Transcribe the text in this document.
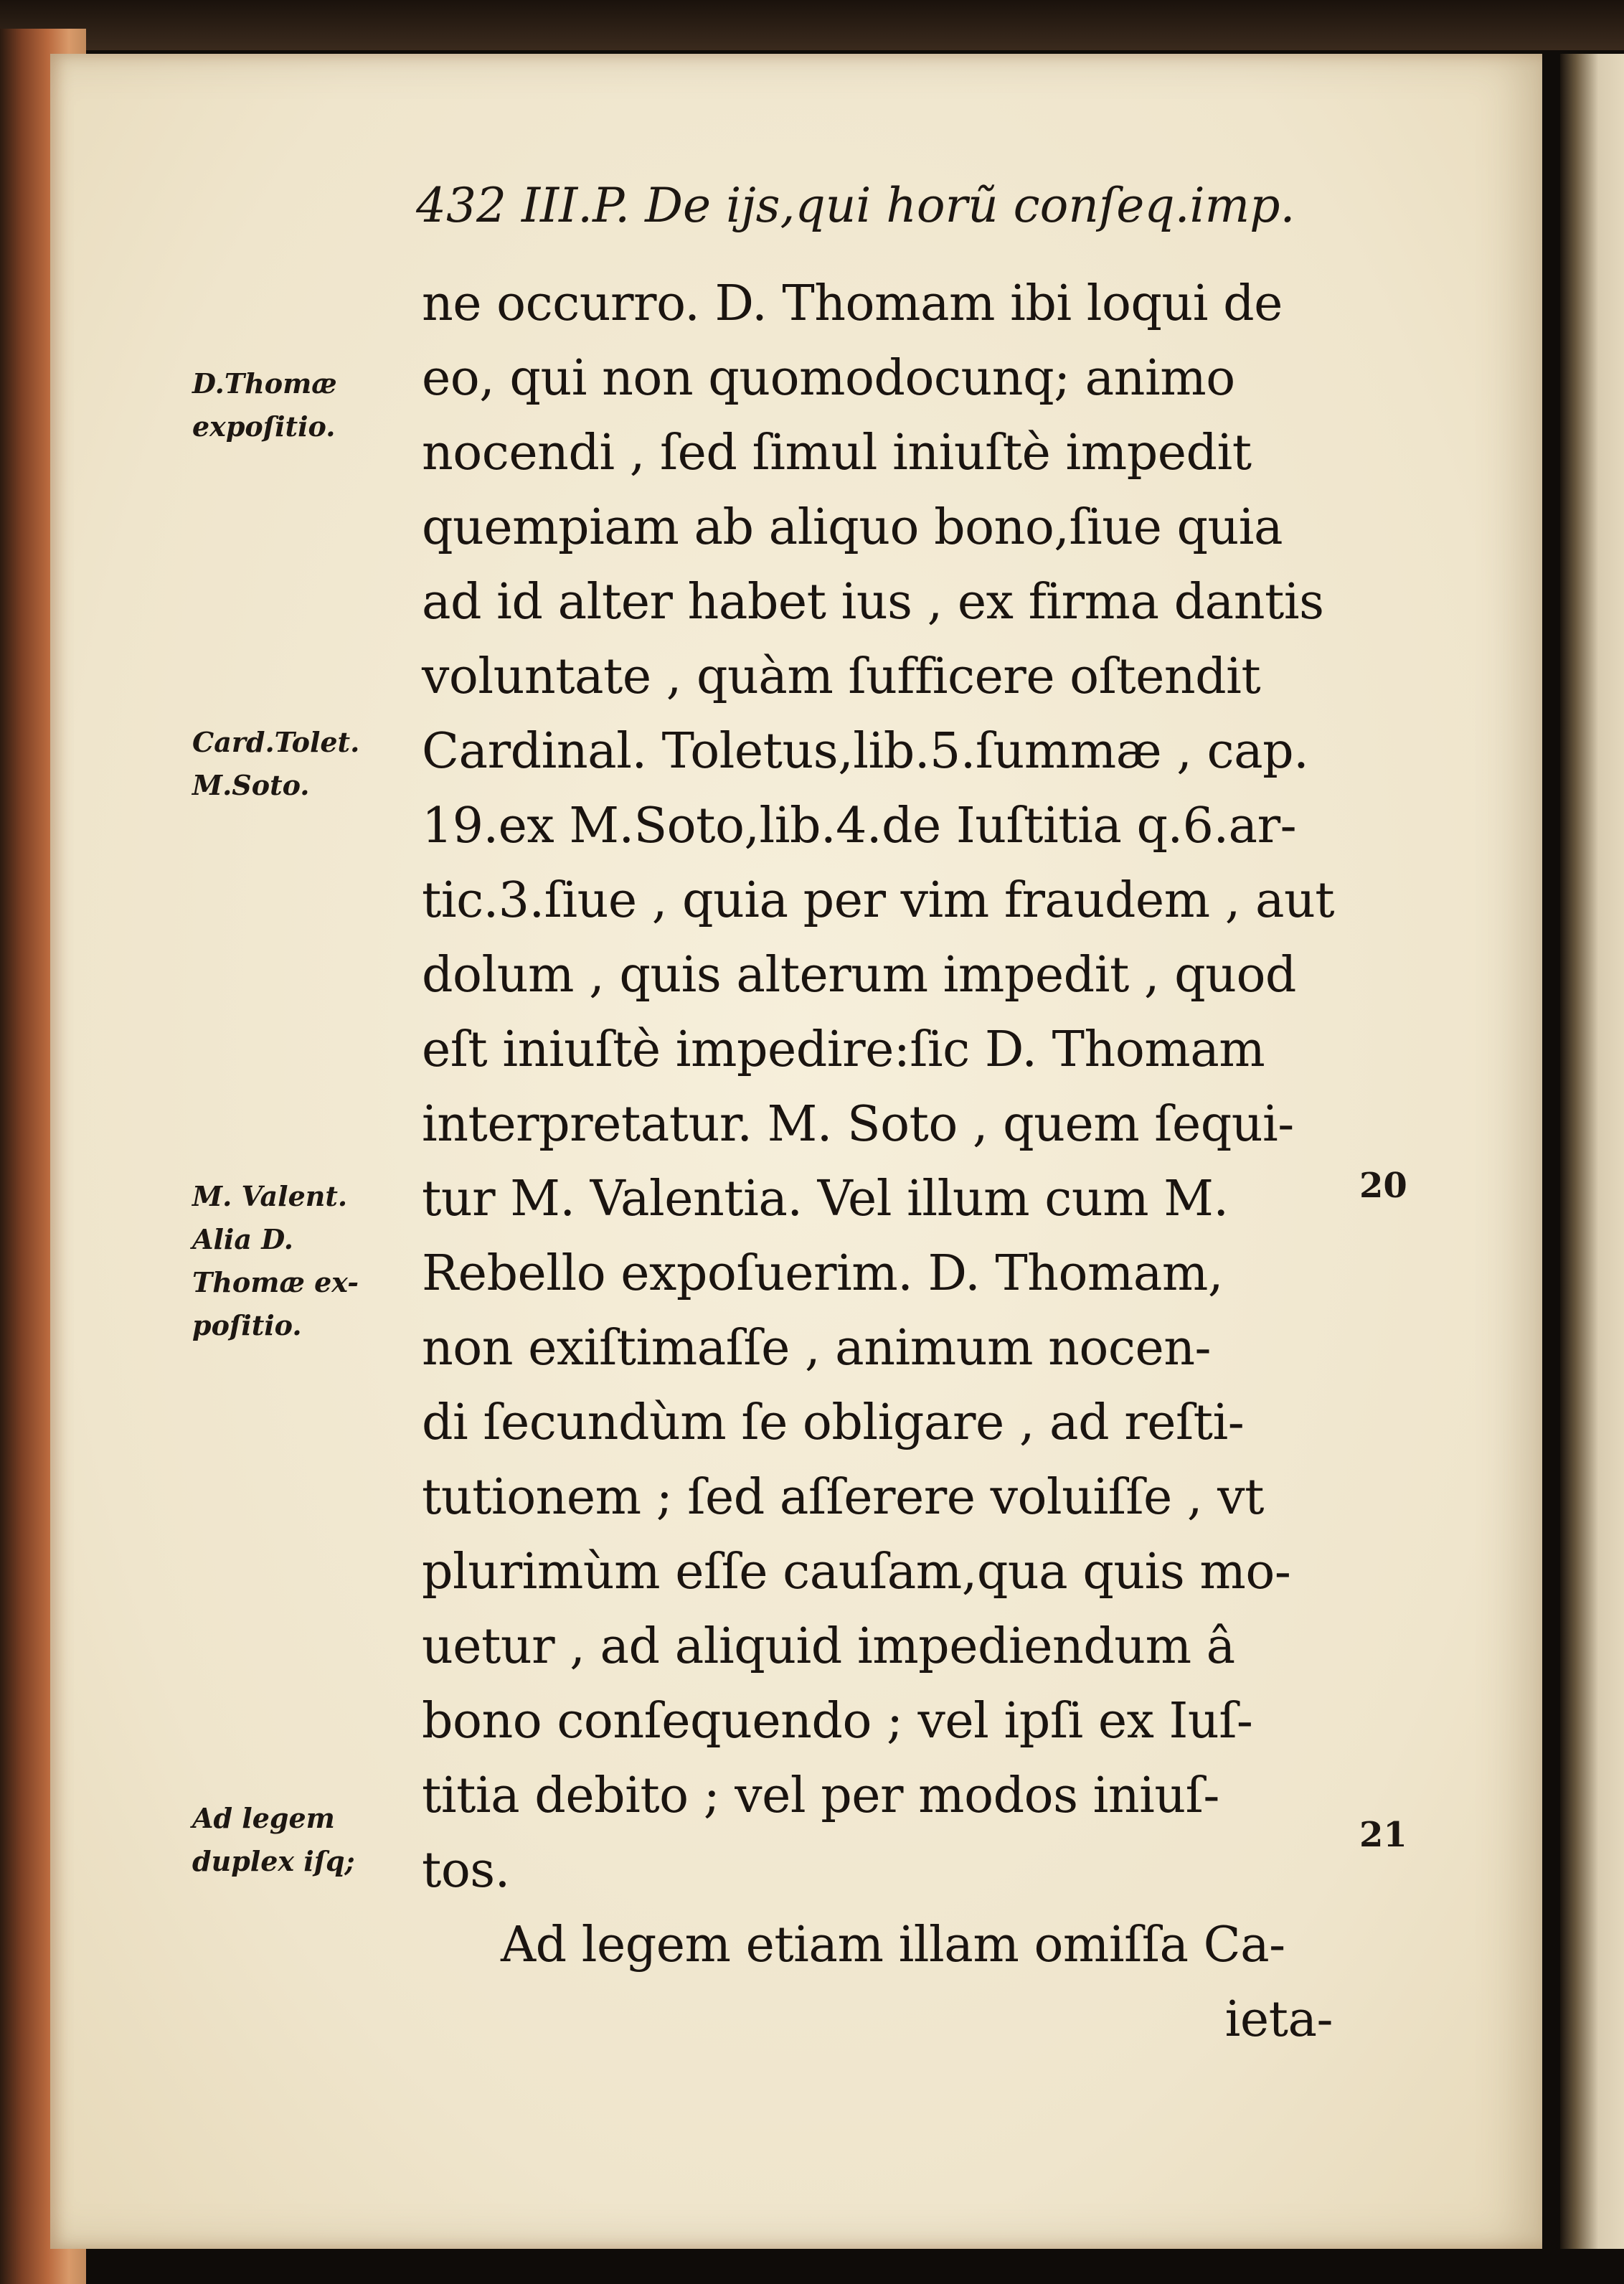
432 III.P. De ijs,qui horũ conſeq.imp.
D.Thomæ
expoſitio.
Card.Tolet.
M.Soto.
M. Valent.
Alia D.
Thomæ ex-
poſitio.
Ad legem
duplex iſq;
20
21
ne occurro. D. Thomam ibi loqui de
eo, qui non quomodocunq; animo
nocendi , ſed ſimul iniuſtè impedit
quempiam ab aliquo bono,ſiue quia
ad id alter habet ius , ex firma dantis
voluntate , quàm ſufficere oſtendit
Cardinal. Toletus,lib.5.ſummæ , cap.
19.ex M.Soto,lib.4.de Iuſtitia q.6.ar-
tic.3.ſiue , quia per vim fraudem , aut
dolum , quis alterum impedit , quod
eſt iniuſtè impedire:ſic D. Thomam
interpretatur. M. Soto , quem ſequi-
tur M. Valentia. Vel illum cum M.
Rebello expoſuerim. D. Thomam,
non exiſtimaſſe , animum nocen-
di ſecundùm ſe obligare , ad reſti-
tutionem ; ſed aſſerere voluiſſe , vt
plurimùm eſſe cauſam,qua quis mo-
uetur , ad aliquid impediendum â
bono conſequendo ; vel ipſi ex Iuſ-
titia debito ; vel per modos iniuſ-
tos.
Ad legem etiam illam omiſſa Ca-
ieta-
